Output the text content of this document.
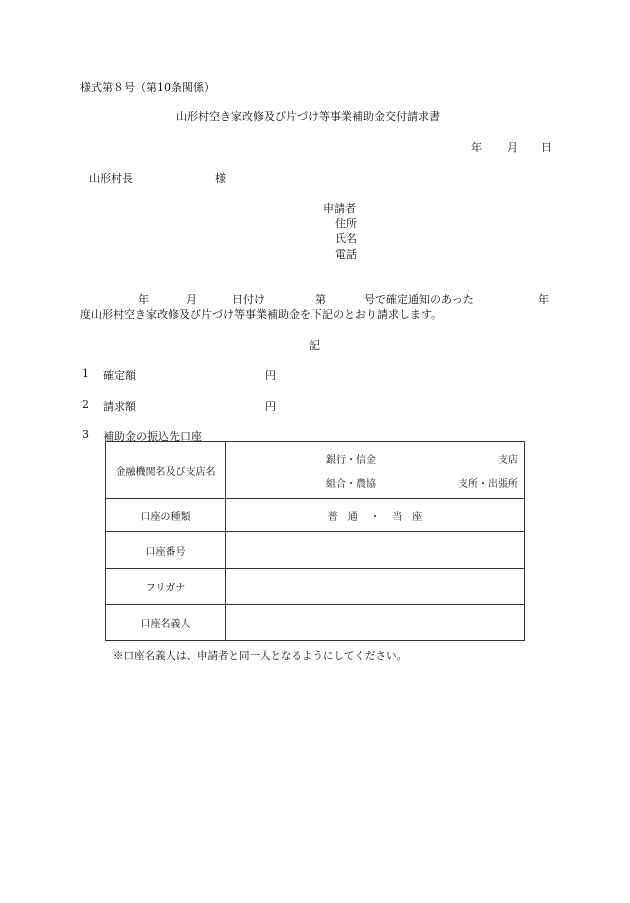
様式第８号（第10条関係）
山形村空き家改修及び片づけ等事業補助金交付請求書
年 月 日
山形村長	様
申請者
住所
氏名
電話
年	月	日付け	第	号で確定通知のあった	年
度山形村空き家改修及び片づけ等事業補助金を下記のとおり請求します。
記
1 確定額	円
2 請求額	円
3 補助金の振込先口座
金融機関名及び支店名	銀行・信金 支店
組合・農協 支所・出張所

口座の種類	普　通 ・ 当　座
口座番号	
フリガナ	
口座名義人	
※口座名義人は、申請者と同一人となるようにしてください。
